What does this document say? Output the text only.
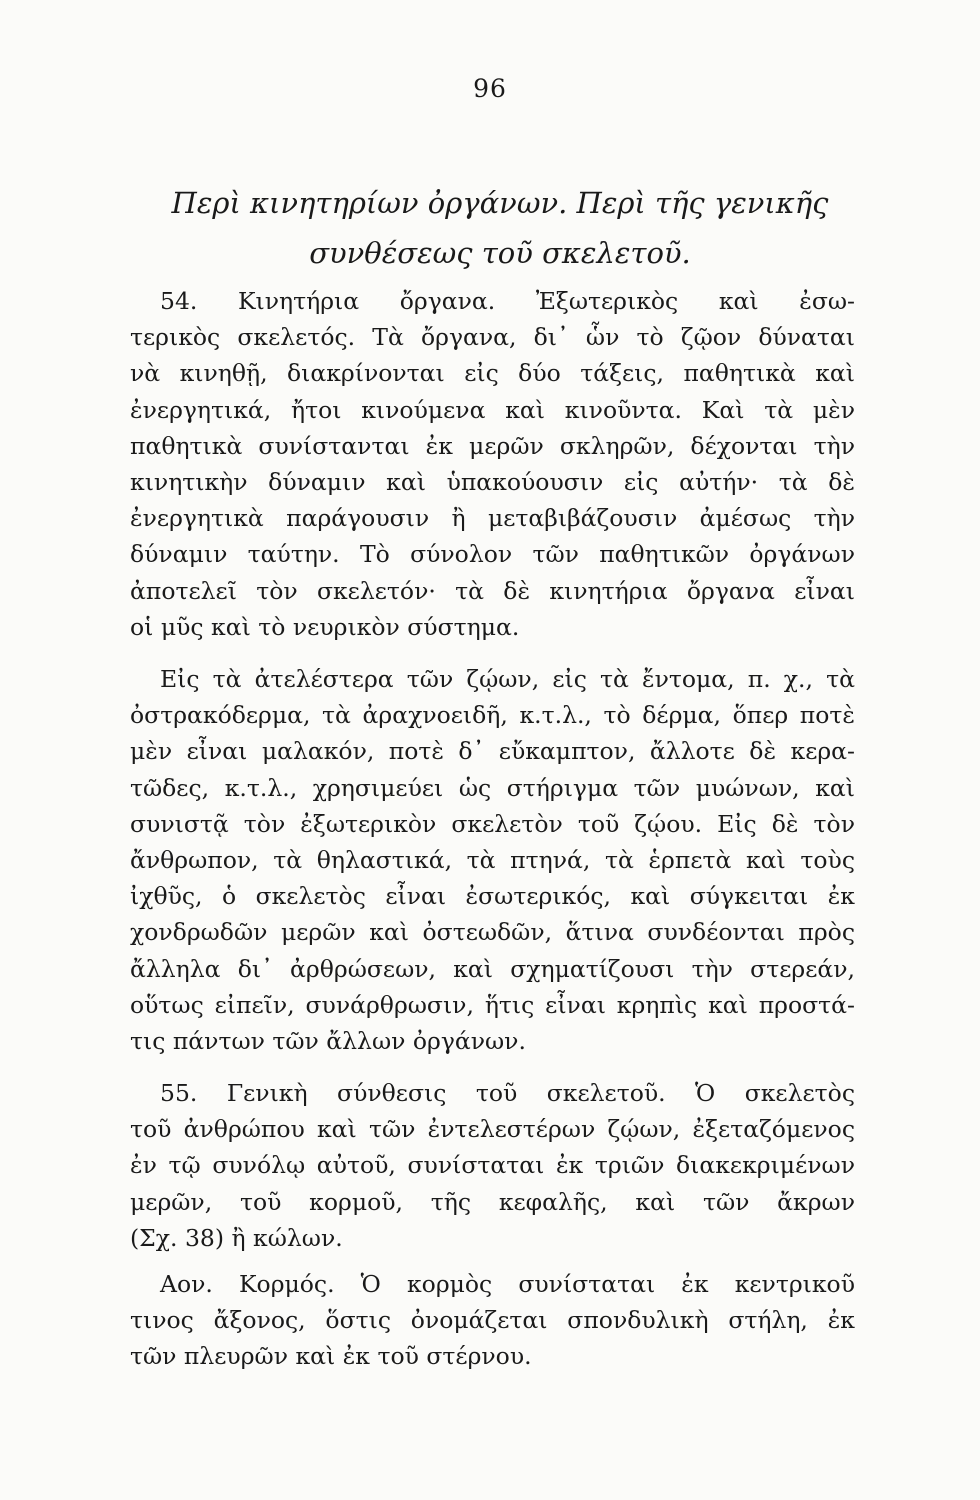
96
Περὶ κινητηρίων ὀργάνων. Περὶ τῆς γενικῆς
συνθέσεως τοῦ σκελετοῦ.
54. Κινητήρια ὄργανα. Ἐξωτερικὸς καὶ ἐσω-
τερικὸς σκελετός. Τὰ ὄργανα, δι᾽ ὧν τὸ ζῷον δύναται
νὰ κινηθῇ, διακρίνονται εἰς δύο τάξεις, παθητικὰ καὶ
ἐνεργητικά, ἤτοι κινούμενα καὶ κινοῦντα. Καὶ τὰ μὲν
παθητικὰ συνίστανται ἐκ μερῶν σκληρῶν, δέχονται τὴν
κινητικὴν δύναμιν καὶ ὑπακούουσιν εἰς αὐτήν· τὰ δὲ
ἐνεργητικὰ παράγουσιν ἢ μεταβιβάζουσιν ἀμέσως τὴν
δύναμιν ταύτην. Τὸ σύνολον τῶν παθητικῶν ὀργάνων
ἀποτελεῖ τὸν σκελετόν· τὰ δὲ κινητήρια ὄργανα εἶναι
οἱ μῦς καὶ τὸ νευρικὸν σύστημα.
Εἰς τὰ ἀτελέστερα τῶν ζῴων, εἰς τὰ ἔντομα, π. χ., τὰ
ὀστρακόδερμα, τὰ ἀραχνοειδῆ, κ.τ.λ., τὸ δέρμα, ὅπερ ποτὲ
μὲν εἶναι μαλακόν, ποτὲ δ᾽ εὔκαμπτον, ἄλλοτε δὲ κερα-
τῶδες, κ.τ.λ., χρησιμεύει ὡς στήριγμα τῶν μυώνων, καὶ
συνιστᾷ τὸν ἐξωτερικὸν σκελετὸν τοῦ ζῴου. Εἰς δὲ τὸν
ἄνθρωπον, τὰ θηλαστικά, τὰ πτηνά, τὰ ἑρπετὰ καὶ τοὺς
ἰχθῦς, ὁ σκελετὸς εἶναι ἐσωτερικός, καὶ σύγκειται ἐκ
χονδρωδῶν μερῶν καὶ ὀστεωδῶν, ἅτινα συνδέονται πρὸς
ἄλληλα δι᾽ ἀρθρώσεων, καὶ σχηματίζουσι τὴν στερεάν,
οὕτως εἰπεῖν, συνάρθρωσιν, ἥτις εἶναι κρηπὶς καὶ προστά-
τις πάντων τῶν ἄλλων ὀργάνων.
55. Γενικὴ σύνθεσις τοῦ σκελετοῦ. Ὁ σκελετὸς
τοῦ ἀνθρώπου καὶ τῶν ἐντελεστέρων ζῴων, ἐξεταζόμενος
ἐν τῷ συνόλῳ αὐτοῦ, συνίσταται ἐκ τριῶν διακεκριμένων
μερῶν, τοῦ κορμοῦ, τῆς κεφαλῆς, καὶ τῶν ἄκρων
(Σχ. 38) ἢ κώλων.
Αον. Κορμός. Ὁ κορμὸς συνίσταται ἐκ κεντρικοῦ
τινος ἄξονος, ὅστις ὀνομάζεται σπονδυλικὴ στήλη, ἐκ
τῶν πλευρῶν καὶ ἐκ τοῦ στέρνου.
